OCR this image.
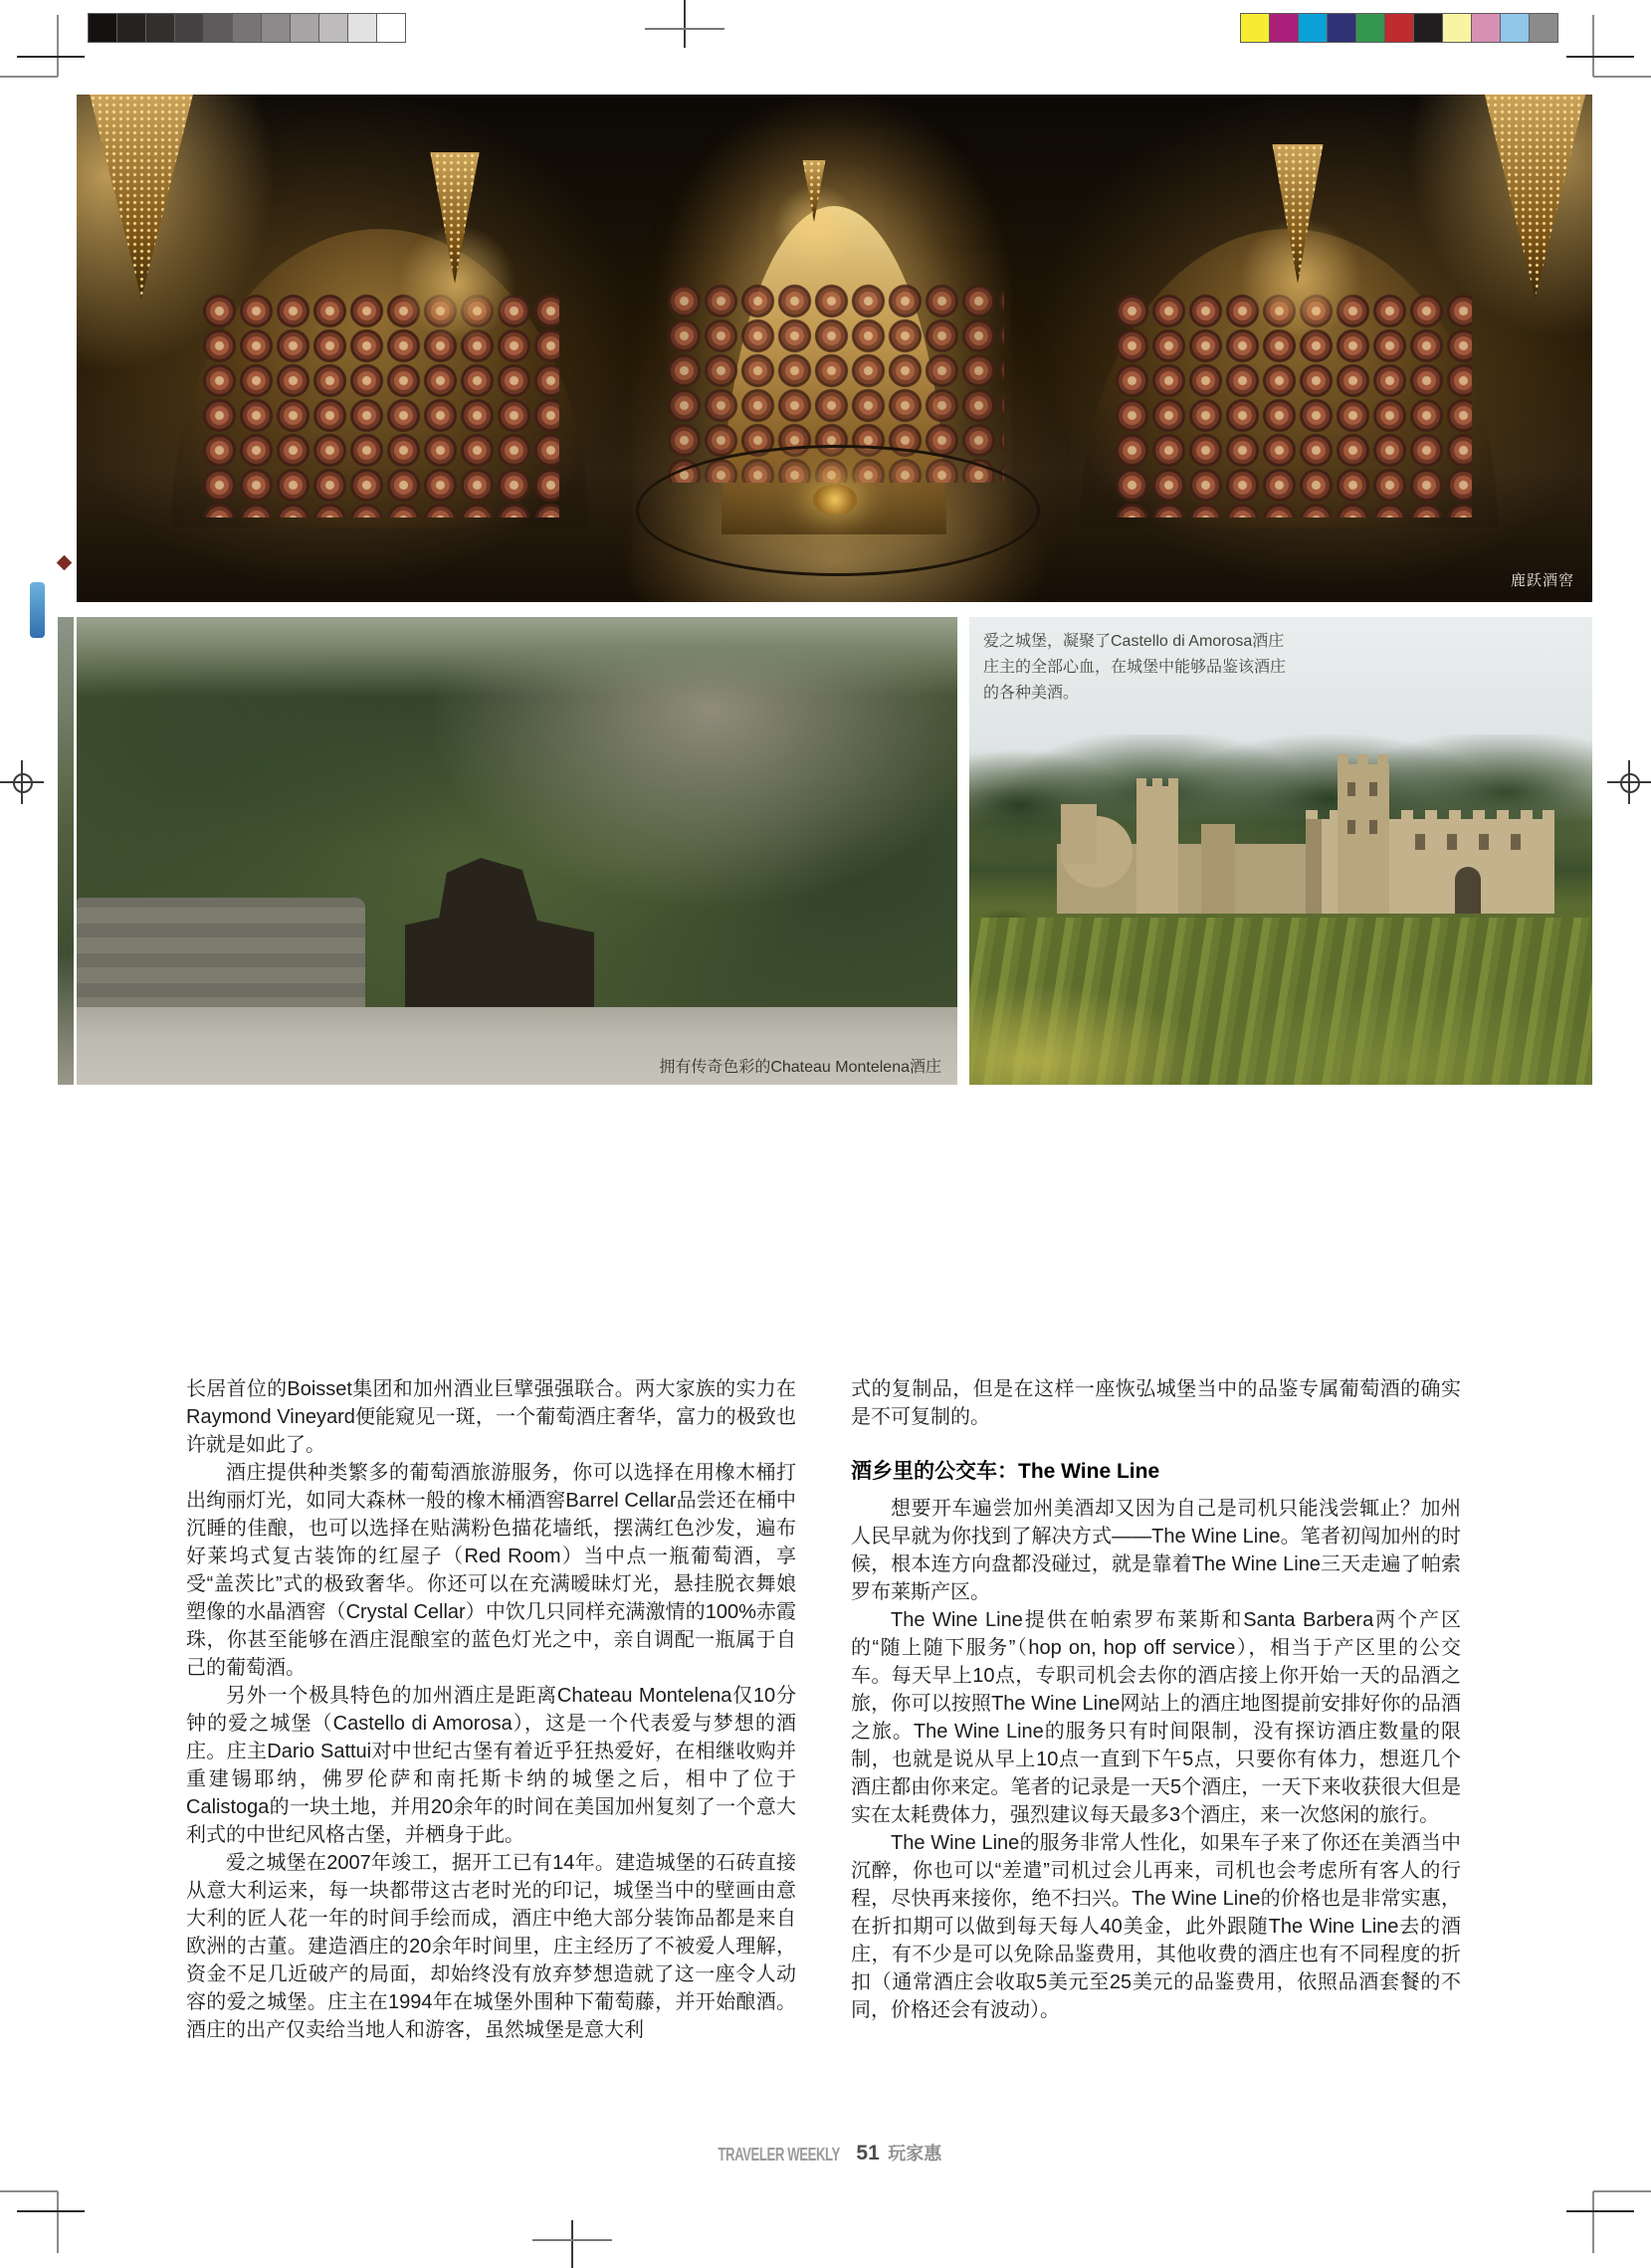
鹿跃酒窖
拥有传奇色彩的Chateau Montelena酒庄
爱之城堡，凝聚了Castello di Amorosa酒庄庄主的全部心血，在城堡中能够品鉴该酒庄的各种美酒。

长居首位的Boisset集团和加州酒业巨擘强强联合。两大家族的实力在Raymond Vineyard便能窥见一斑，一个葡萄酒庄奢华，富力的极致也许就是如此了。

酒庄提供种类繁多的葡萄酒旅游服务，你可以选择在用橡木桶打出绚丽灯光，如同大森林一般的橡木桶酒窖Barrel Cellar品尝还在桶中沉睡的佳酿，也可以选择在贴满粉色描花墙纸，摆满红色沙发，遍布好莱坞式复古装饰的红屋子（Red Room）当中点一瓶葡萄酒，享受“盖茨比”式的极致奢华。你还可以在充满暧昧灯光，悬挂脱衣舞娘塑像的水晶酒窖（Crystal Cellar）中饮几只同样充满激情的100%赤霞珠，你甚至能够在酒庄混酿室的蓝色灯光之中，亲自调配一瓶属于自己的葡萄酒。

另外一个极具特色的加州酒庄是距离Chateau Montelena仅10分钟的爱之城堡（Castello di Amorosa），这是一个代表爱与梦想的酒庄。庄主Dario Sattui对中世纪古堡有着近乎狂热爱好，在相继收购并重建锡耶纳，佛罗伦萨和南托斯卡纳的城堡之后，相中了位于Calistoga的一块土地，并用20余年的时间在美国加州复刻了一个意大利式的中世纪风格古堡，并栖身于此。

爱之城堡在2007年竣工，据开工已有14年。建造城堡的石砖直接从意大利运来，每一块都带这古老时光的印记，城堡当中的壁画由意大利的匠人花一年的时间手绘而成，酒庄中绝大部分装饰品都是来自欧洲的古董。建造酒庄的20余年时间里，庄主经历了不被爱人理解，资金不足几近破产的局面，却始终没有放弃梦想造就了这一座令人动容的爱之城堡。庄主在1994年在城堡外围种下葡萄藤，并开始酿酒。酒庄的出产仅卖给当地人和游客，虽然城堡是意大利

式的复制品，但是在这样一座恢弘城堡当中的品鉴专属葡萄酒的确实是不可复制的。

酒乡里的公交车：The Wine Line

想要开车遍尝加州美酒却又因为自己是司机只能浅尝辄止？加州人民早就为你找到了解决方式——The Wine Line。笔者初闯加州的时候，根本连方向盘都没碰过，就是靠着The Wine Line三天走遍了帕索罗布莱斯产区。

The Wine Line提供在帕索罗布莱斯和Santa Barbera两个产区的“随上随下服务”（hop on, hop off service），相当于产区里的公交车。每天早上10点，专职司机会去你的酒店接上你开始一天的品酒之旅，你可以按照The Wine Line网站上的酒庄地图提前安排好你的品酒之旅。The Wine Line的服务只有时间限制，没有探访酒庄数量的限制，也就是说从早上10点一直到下午5点，只要你有体力，想逛几个酒庄都由你来定。笔者的记录是一天5个酒庄，一天下来收获很大但是实在太耗费体力，强烈建议每天最多3个酒庄，来一次悠闲的旅行。

The Wine Line的服务非常人性化，如果车子来了你还在美酒当中沉醉，你也可以“差遣”司机过会儿再来，司机也会考虑所有客人的行程，尽快再来接你，绝不扫兴。The Wine Line的价格也是非常实惠，在折扣期可以做到每天每人40美金，此外跟随The Wine Line去的酒庄，有不少是可以免除品鉴费用，其他收费的酒庄也有不同程度的折扣（通常酒庄会收取5美元至25美元的品鉴费用，依照品酒套餐的不同，价格还会有波动）。

TRAVELER WEEKLY 51 玩家惠
